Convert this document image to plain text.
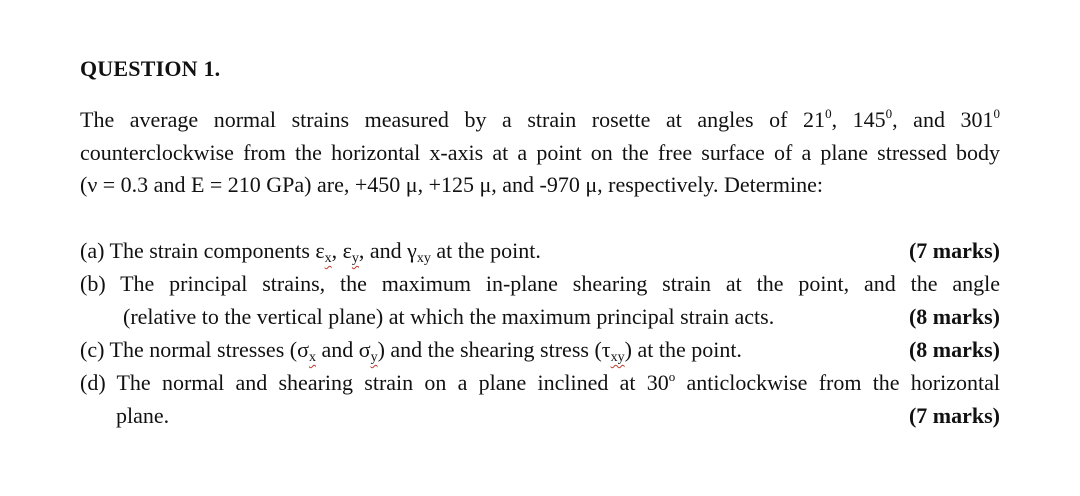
QUESTION 1.
The average normal strains measured by a strain rosette at angles of $21^0$, $145^0$, and $301^0$
counterclockwise from the horizontal x-axis at a point on the free surface of a plane stressed body
(ν = 0.3 and E = 210 GPa) are, +450 μ, +125 μ, and -970 μ, respectively. Determine:
(a) The strain components $\varepsilon_x$, $\varepsilon_y$, and $\gamma_{xy}$ at the point.	(7 marks)
(b) The principal strains, the maximum in-plane shearing strain at the point, and the angle
(relative to the vertical plane) at which the maximum principal strain acts.	(8 marks)
(c) The normal stresses ($\sigma_x$ and $\sigma_y$) and the shearing stress $(\tau_{xy})$ at the point.	(8 marks)
(d) The normal and shearing strain on a plane inclined at 30$^o$ anticlockwise from the horizontal
plane.	(7 marks)
